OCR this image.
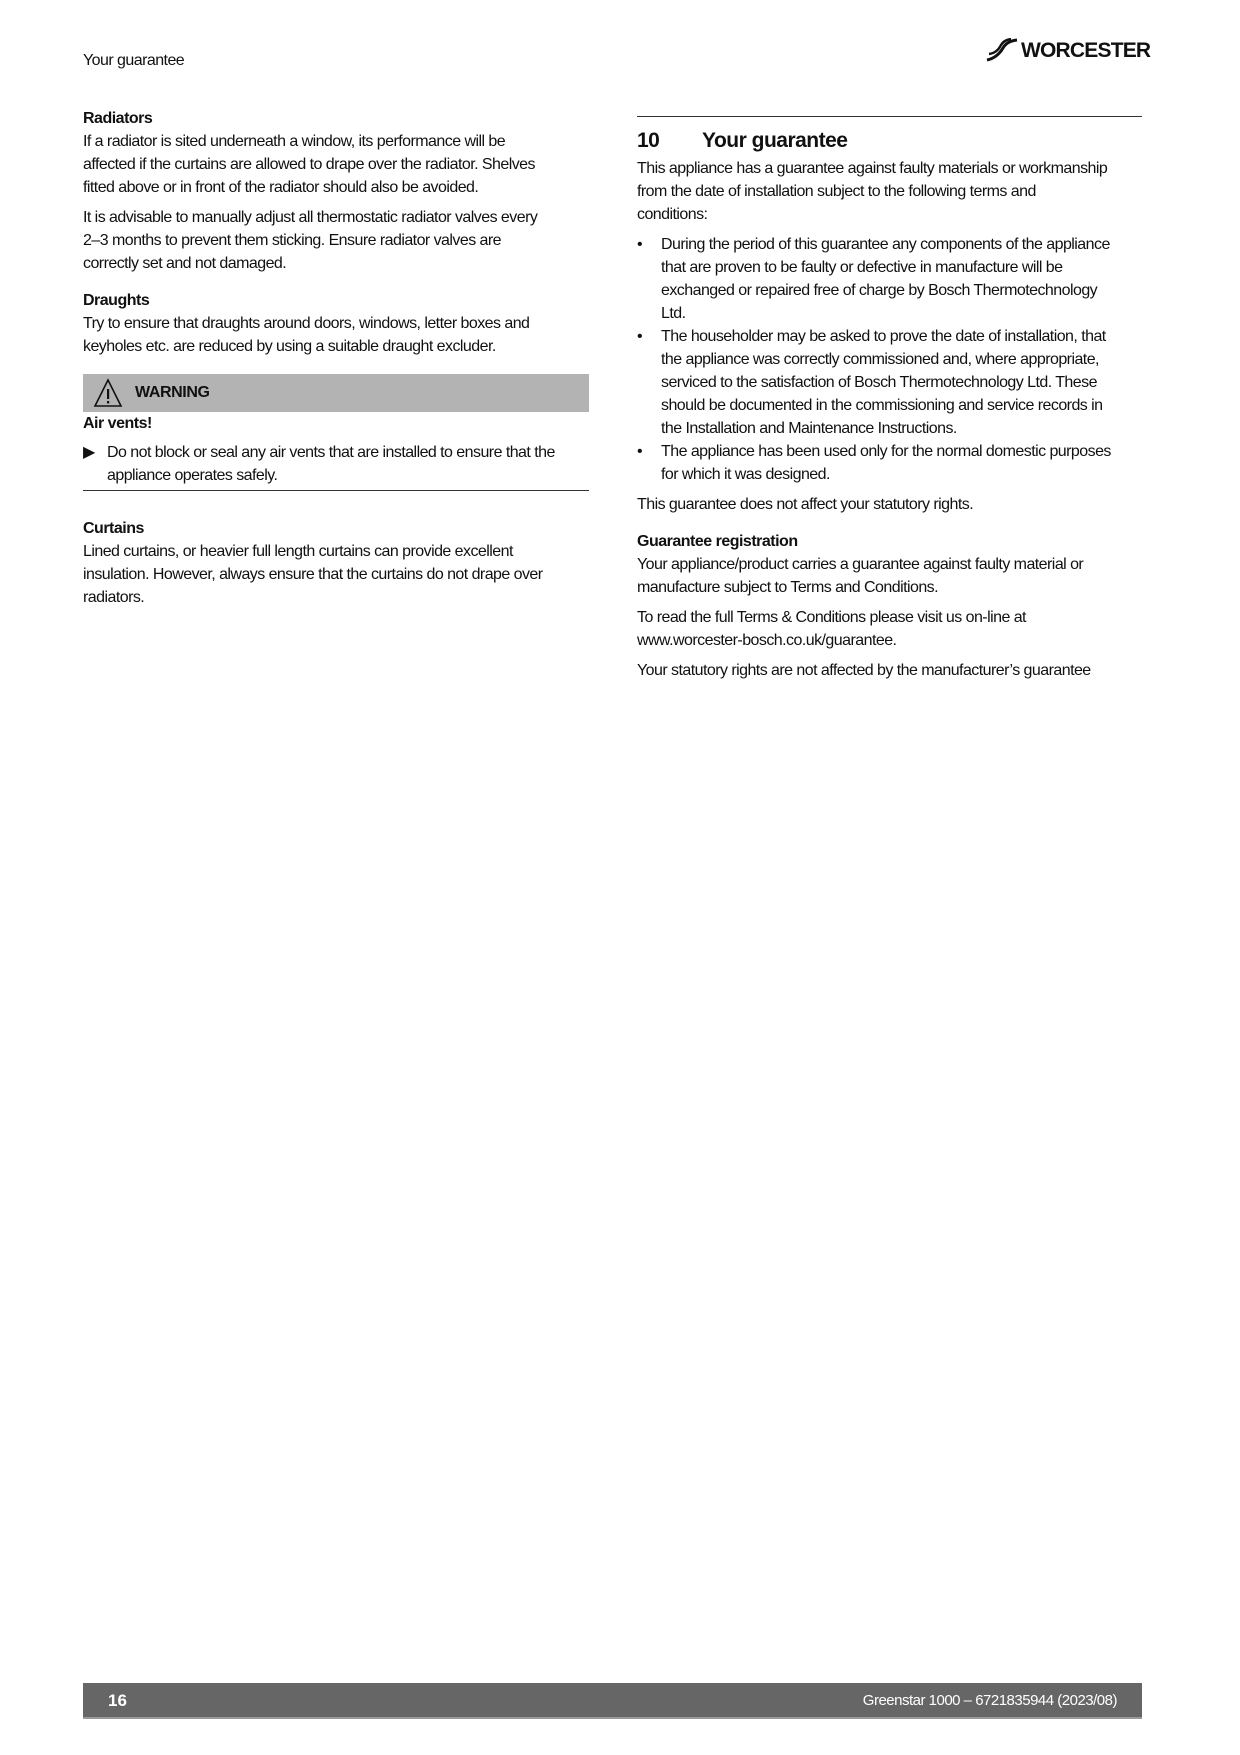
Your guarantee	WORCESTER
Radiators
If a radiator is sited underneath a window, its performance will be
affected if the curtains are allowed to drape over the radiator. Shelves
fitted above or in front of the radiator should also be avoided.
It is advisable to manually adjust all thermostatic radiator valves every
2–3 months to prevent them sticking. Ensure radiator valves are
correctly set and not damaged.
Draughts
Try to ensure that draughts around doors, windows, letter boxes and
keyholes etc. are reduced by using a suitable draught excluder.
WARNING
Air vents!
▶ Do not block or seal any air vents that are installed to ensure that the
appliance operates safely.
Curtains
Lined curtains, or heavier full length curtains can provide excellent
insulation. However, always ensure that the curtains do not drape over
radiators.
10 Your guarantee
This appliance has a guarantee against faulty materials or workmanship
from the date of installation subject to the following terms and
conditions:
•	During the period of this guarantee any components of the appliance
that are proven to be faulty or defective in manufacture will be
exchanged or repaired free of charge by Bosch Thermotechnology
Ltd.
•	The householder may be asked to prove the date of installation, that
the appliance was correctly commissioned and, where appropriate,
serviced to the satisfaction of Bosch Thermotechnology Ltd. These
should be documented in the commissioning and service records in
the Installation and Maintenance Instructions.
•	The appliance has been used only for the normal domestic purposes
for which it was designed.
This guarantee does not affect your statutory rights.
Guarantee registration
Your appliance/product carries a guarantee against faulty material or
manufacture subject to Terms and Conditions.
To read the full Terms & Conditions please visit us on-line at
www.worcester-bosch.co.uk/guarantee.
Your statutory rights are not affected by the manufacturer’s guarantee
16	Greenstar 1000 – 6721835944 (2023/08)
